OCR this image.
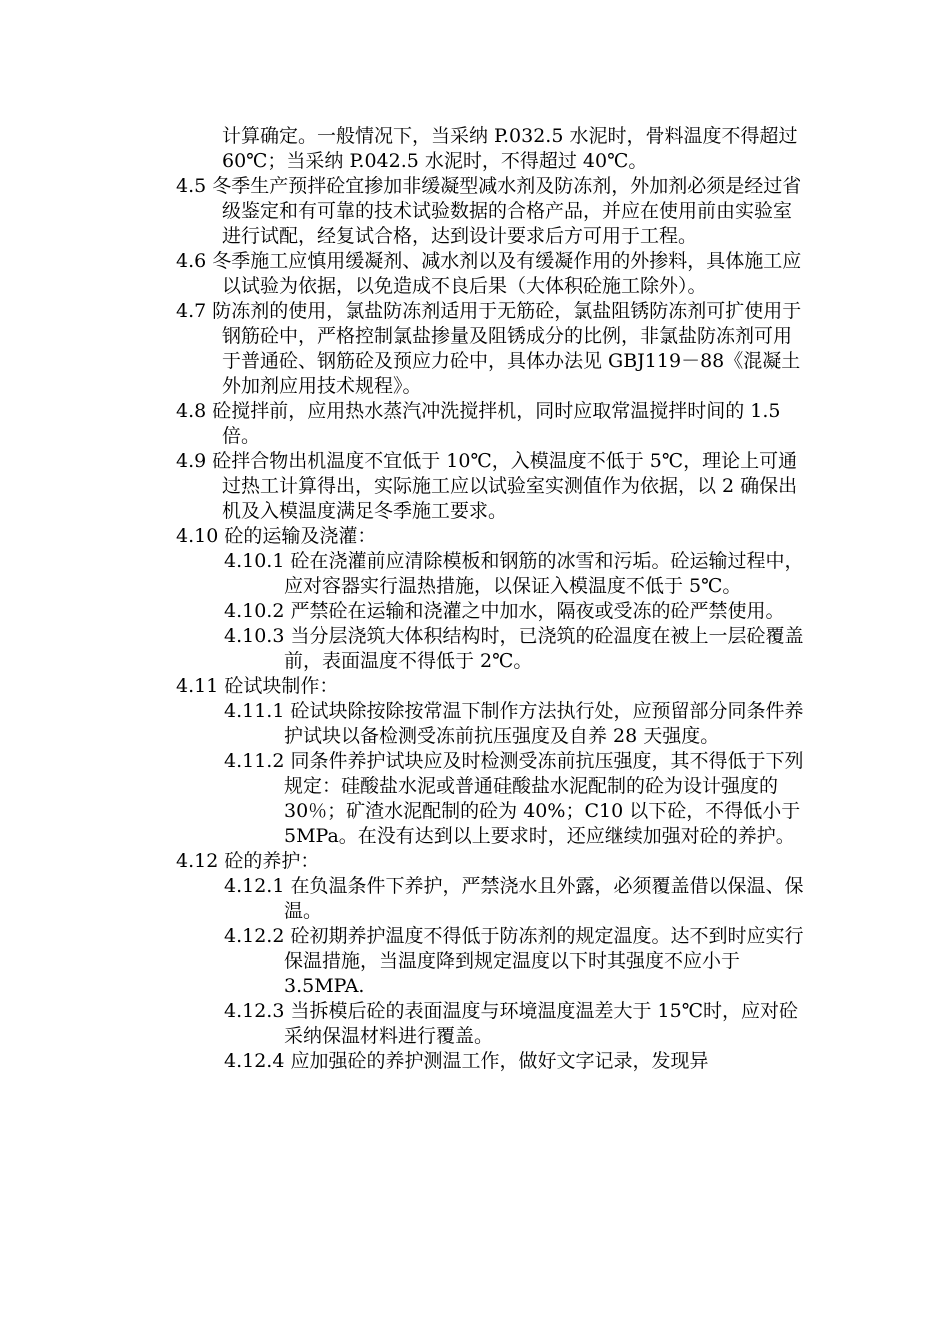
计算确定。一般情况下，当采纳 P.032.5 水泥时，骨料温度不得超过 60℃；当采纳 P.042.5 水泥时，不得超过 40℃。
4.5 冬季生产预拌砼宜掺加非缓凝型减水剂及防冻剂，外加剂必须是经过省级鉴定和有可靠的技术试验数据的合格产品，并应在使用前由实验室进行试配，经复试合格，达到设计要求后方可用于工程。
4.6 冬季施工应慎用缓凝剂、减水剂以及有缓凝作用的外掺料，具体施工应以试验为依据，以免造成不良后果（大体积砼施工除外）。
4.7 防冻剂的使用，氯盐防冻剂适用于无筋砼，氯盐阻锈防冻剂可扩使用于钢筋砼中，严格控制氯盐掺量及阻锈成分的比例，非氯盐防冻剂可用于普通砼、钢筋砼及预应力砼中，具体办法见 GBJ119－88《混凝土外加剂应用技术规程》。
4.8 砼搅拌前，应用热水蒸汽冲洗搅拌机，同时应取常温搅拌时间的 1.5 倍。
4.9 砼拌合物出机温度不宜低于 10℃，入模温度不低于 5℃，理论上可通过热工计算得出，实际施工应以试验室实测值作为依据，以 2 确保出机及入模温度满足冬季施工要求。
4.10 砼的运输及浇灌：
4.10.1 砼在浇灌前应清除模板和钢筋的冰雪和污垢。砼运输过程中，应对容器实行温热措施，以保证入模温度不低于 5℃。
4.10.2 严禁砼在运输和浇灌之中加水，隔夜或受冻的砼严禁使用。
4.10.3 当分层浇筑大体积结构时，已浇筑的砼温度在被上一层砼覆盖前，表面温度不得低于 2℃。
4.11 砼试块制作：
4.11.1 砼试块除按除按常温下制作方法执行处，应预留部分同条件养护试块以备检测受冻前抗压强度及自养 28 天强度。
4.11.2 同条件养护试块应及时检测受冻前抗压强度，其不得低于下列规定：硅酸盐水泥或普通硅酸盐水泥配制的砼为设计强度的 30％；矿渣水泥配制的砼为 40%；C10 以下砼，不得低小于 5MPa。在没有达到以上要求时，还应继续加强对砼的养护。
4.12 砼的养护：
4.12.1 在负温条件下养护，严禁浇水且外露，必须覆盖借以保温、保温。
4.12.2 砼初期养护温度不得低于防冻剂的规定温度。达不到时应实行保温措施，当温度降到规定温度以下时其强度不应小于 3.5MPA.
4.12.3 当拆模后砼的表面温度与环境温度温差大于 15℃时，应对砼采纳保温材料进行覆盖。
4.12.4 应加强砼的养护测温工作，做好文字记录，发现异
